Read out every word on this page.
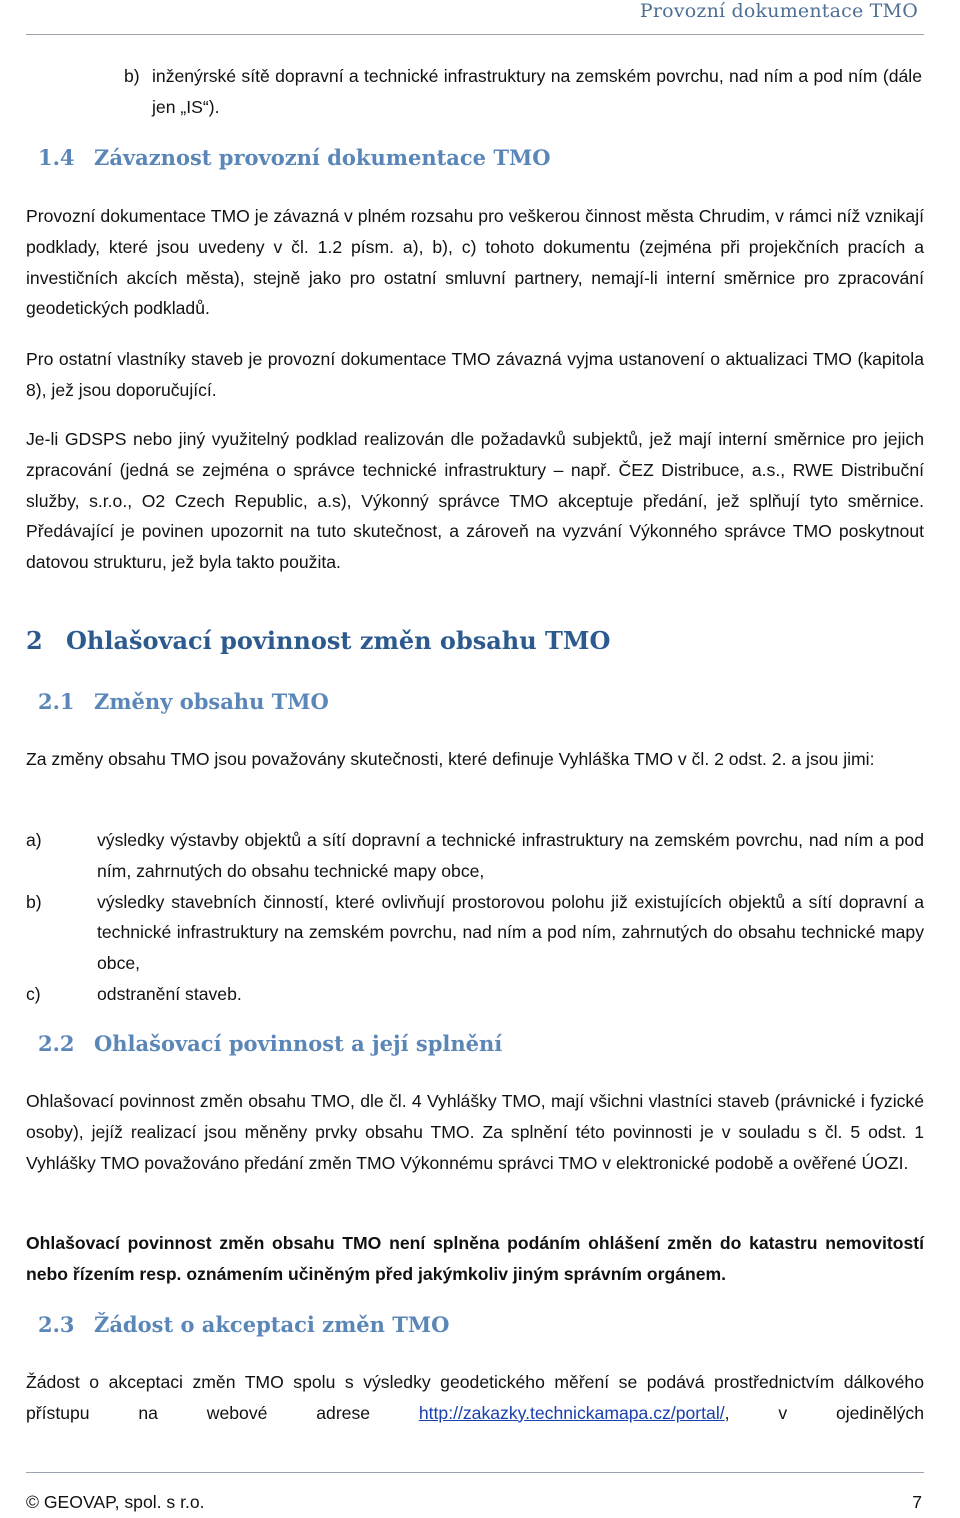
Provozní dokumentace TMO
b) inženýrské sítě dopravní a technické infrastruktury na zemském povrchu, nad ním a pod ním (dále jen „IS“).
1.4 Závaznost provozní dokumentace TMO

Provozní dokumentace TMO je závazná v plném rozsahu pro veškerou činnost města Chrudim, v rámci níž vznikají podklady, které jsou uvedeny v čl. 1.2 písm. a), b), c) tohoto dokumentu (zejména při projekčních pracích a investičních akcích města), stejně jako pro ostatní smluvní partnery, nemají-li interní směrnice pro zpracování geodetických podkladů.

Pro ostatní vlastníky staveb je provozní dokumentace TMO závazná vyjma ustanovení o aktualizaci TMO (kapitola 8), jež jsou doporučující.

Je-li GDSPS nebo jiný využitelný podklad realizován dle požadavků subjektů, jež mají interní směrnice pro jejich zpracování (jedná se zejména o správce technické infrastruktury – např. ČEZ Distribuce, a.s., RWE Distribuční služby, s.r.o., O2 Czech Republic, a.s), Výkonný správce TMO akceptuje předání, jež splňují tyto směrnice. Předávající je povinen upozornit na tuto skutečnost, a zároveň na vyzvání Výkonného správce TMO poskytnout datovou strukturu, jež byla takto použita.

2 Ohlašovací povinnost změn obsahu TMO
2.1 Změny obsahu TMO

Za změny obsahu TMO jsou považovány skutečnosti, které definuje Vyhláška TMO v čl. 2 odst. 2. a jsou jimi:

a)	výsledky výstavby objektů a sítí dopravní a technické infrastruktury na zemském povrchu, nad ním a pod ním, zahrnutých do obsahu technické mapy obce,
b)	výsledky stavebních činností, které ovlivňují prostorovou polohu již existujících objektů a sítí dopravní a technické infrastruktury na zemském povrchu, nad ním a pod ním, zahrnutých do obsahu technické mapy obce,
c)	odstranění staveb.
2.2 Ohlašovací povinnost a její splnění

Ohlašovací povinnost změn obsahu TMO, dle čl. 4 Vyhlášky TMO, mají všichni vlastníci staveb (právnické i fyzické osoby), jejíž realizací jsou měněny prvky obsahu TMO. Za splnění této povinnosti je v souladu s čl. 5 odst. 1 Vyhlášky TMO považováno předání změn TMO Výkonnému správci TMO v elektronické podobě a ověřené ÚOZI.

Ohlašovací povinnost změn obsahu TMO není splněna podáním ohlášení změn do katastru nemovitostí nebo řízením resp. oznámením učiněným před jakýmkoliv jiným správním orgánem.

2.3 Žádost o akceptaci změn TMO

Žádost o akceptaci změn TMO spolu s výsledky geodetického měření se podává prostřednictvím dálkového přístupu na webové adrese http://zakazky.technickamapa.cz/portal/, v ojedinělých

© GEOVAP, spol. s r.o.	7
